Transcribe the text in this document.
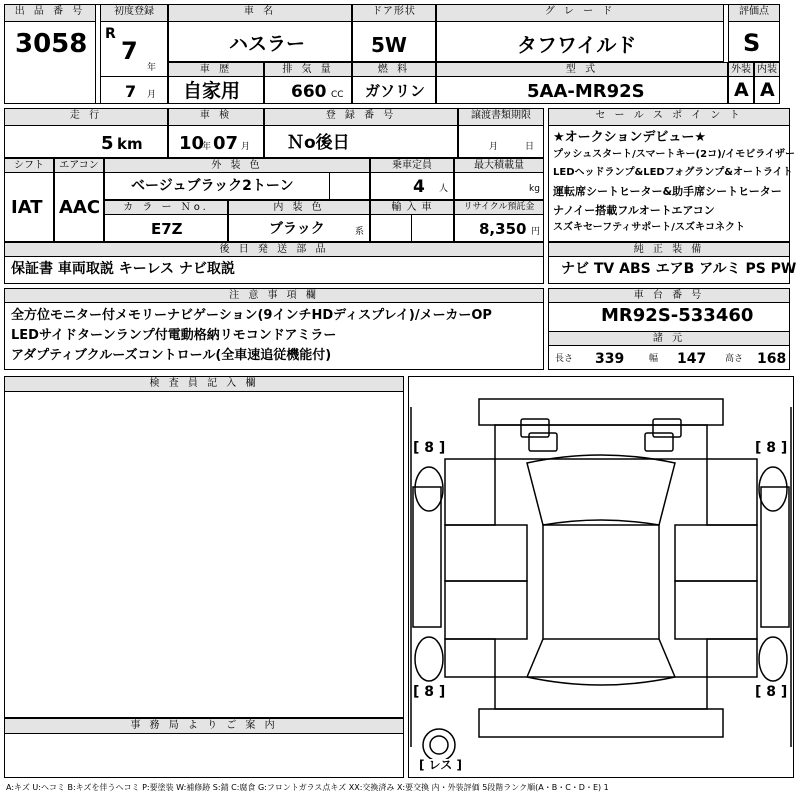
出 品 番 号
3058
初度登録
R
7
年
7 月
車 名
ハスラー
ドア形状
5W
グ レ ー ド
タフワイルド
評価点
S
車 歴
自家用
排 気 量
660 CC
燃 料
ガソリン
型 式
5AA-MR92S
外装
A
内装
A
走 行
5 km
車 検
10
年 07 月
登 録 番 号
Ｎo後日
譲渡書類期限
月	日
セ ー ル ス ポ イ ン ト
★オークションデビュー★
プッシュスタート/スマートキー(2コ)/イモビライザー
LEDヘッドランプ&LEDフォグランプ&オートライト
運転席シートヒーター&助手席シートヒーター
ナノイー搭載フルオートエアコン
スズキセーフティサポート/スズキコネクト
シフト
IAT
エアコン
AAC
外 装 色
ベージュブラック2トーン
乗車定員
4 人
最大積載量
kg
カ ラ ー Ｎo.
E7Z
内 装 色
ブラック	系
輸 入 車	リサイクル預託金
8,350 円
後 日 発 送 部 品
保証書 車両取説 キーレス ナビ取説
純 正 装 備
ナビ TV ABS エアB アルミ PS PW
注 意 事 項 欄
全方位モニター付メモリーナビゲーション(9インチHDディスプレイ)/メーカーOP
LEDサイドターンランプ付電動格納リモコンドアミラー
アダプティブクルーズコントロール(全車速追従機能付)
車 台 番 号
MR92S-533460
諸 元
長さ 339	幅 147 高さ 168
検 査 員 記 入 欄
事 務 局 よ り ご 案 内
[ 8 ]	[ 8 ]
[ 8 ]	[ 8 ]
[ レス ]
A:キズ U:ヘコミ B:キズを伴うヘコミ P:要塗装 W:補修跡 S:錆 C:腐食 G:フロントガラス点キズ XX:交換済み X:要交換 内・外装評価 5段階ランク順(A・B・C・D・E) 1
